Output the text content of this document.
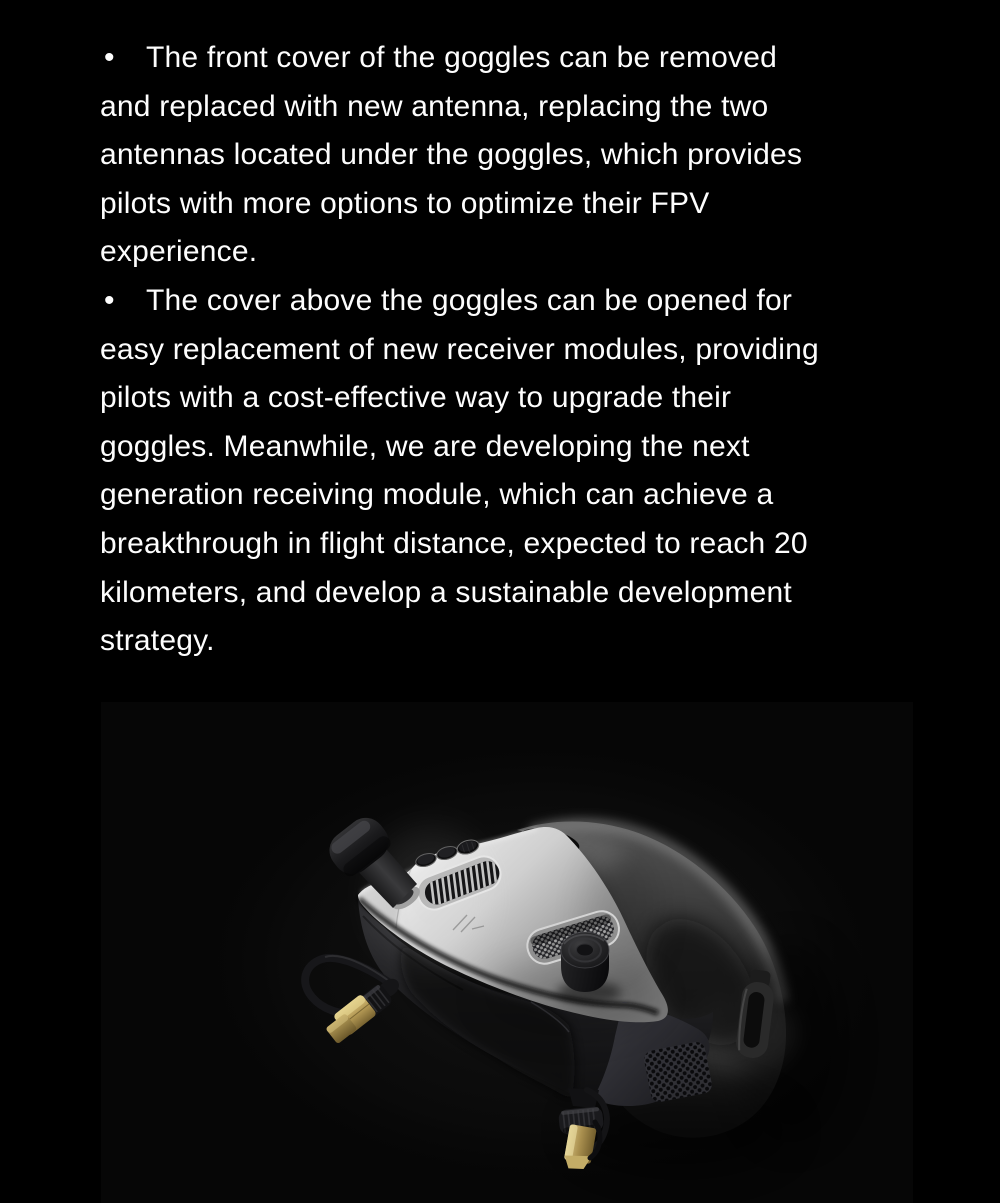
• The front cover of the goggles can be removed
and replaced with new antenna, replacing the two
antennas located under the goggles, which provides
pilots with more options to optimize their FPV
experience.

• The cover above the goggles can be opened for
easy replacement of new receiver modules, providing
pilots with a cost-effective way to upgrade their
goggles. Meanwhile, we are developing the next
generation receiving module, which can achieve a
breakthrough in flight distance, expected to reach 20
kilometers, and develop a sustainable development
strategy.
